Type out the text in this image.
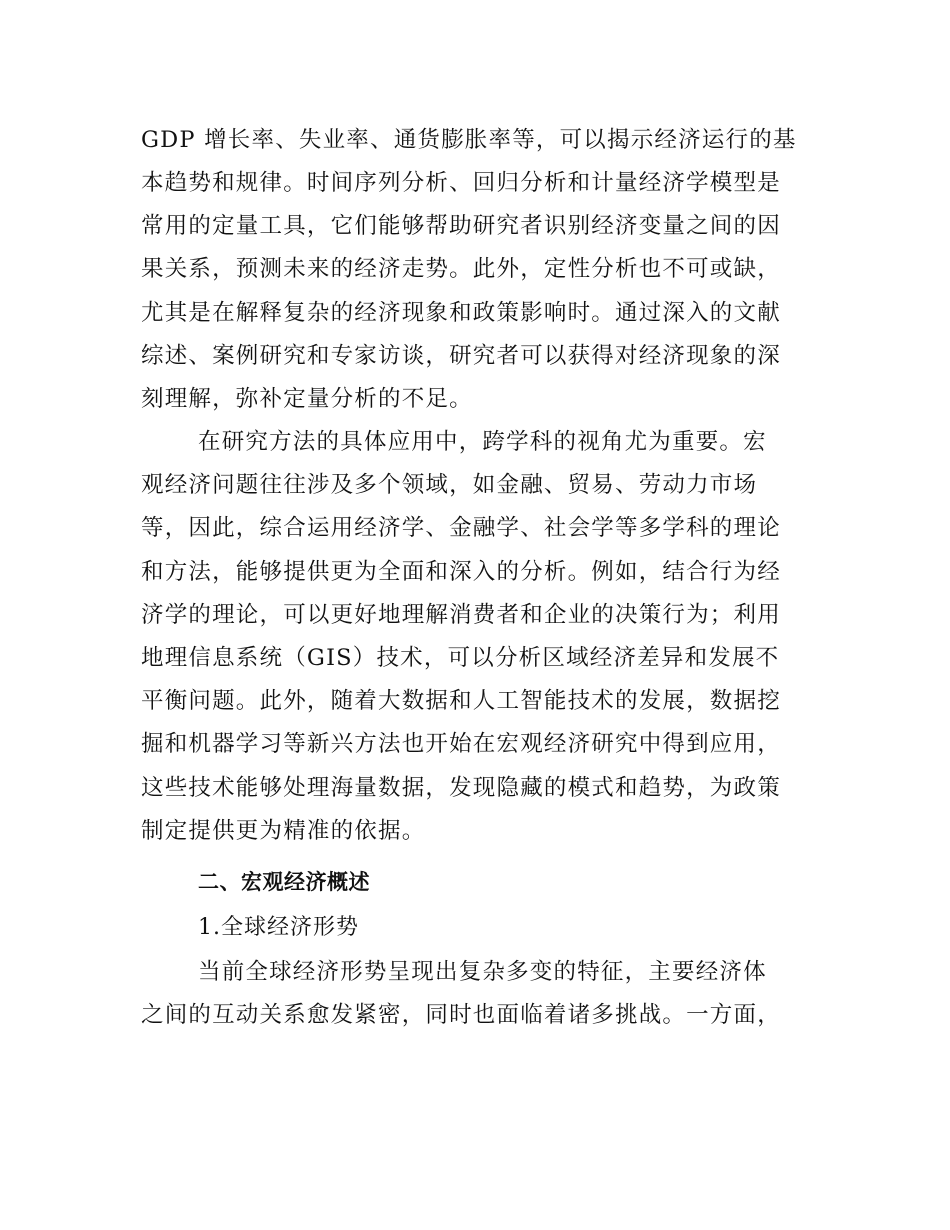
GDP 增长率、失业率、通货膨胀率等，可以揭示经济运行的基
本趋势和规律。时间序列分析、回归分析和计量经济学模型是
常用的定量工具，它们能够帮助研究者识别经济变量之间的因
果关系，预测未来的经济走势。此外，定性分析也不可或缺，
尤其是在解释复杂的经济现象和政策影响时。通过深入的文献
综述、案例研究和专家访谈，研究者可以获得对经济现象的深
刻理解，弥补定量分析的不足。
在研究方法的具体应用中，跨学科的视角尤为重要。宏
观经济问题往往涉及多个领域，如金融、贸易、劳动力市场
等，因此，综合运用经济学、金融学、社会学等多学科的理论
和方法，能够提供更为全面和深入的分析。例如，结合行为经
济学的理论，可以更好地理解消费者和企业的决策行为；利用
地理信息系统（GIS）技术，可以分析区域经济差异和发展不
平衡问题。此外，随着大数据和人工智能技术的发展，数据挖
掘和机器学习等新兴方法也开始在宏观经济研究中得到应用，
这些技术能够处理海量数据，发现隐藏的模式和趋势，为政策
制定提供更为精准的依据。
二、宏观经济概述
1.全球经济形势
当前全球经济形势呈现出复杂多变的特征，主要经济体
之间的互动关系愈发紧密，同时也面临着诸多挑战。一方面，
